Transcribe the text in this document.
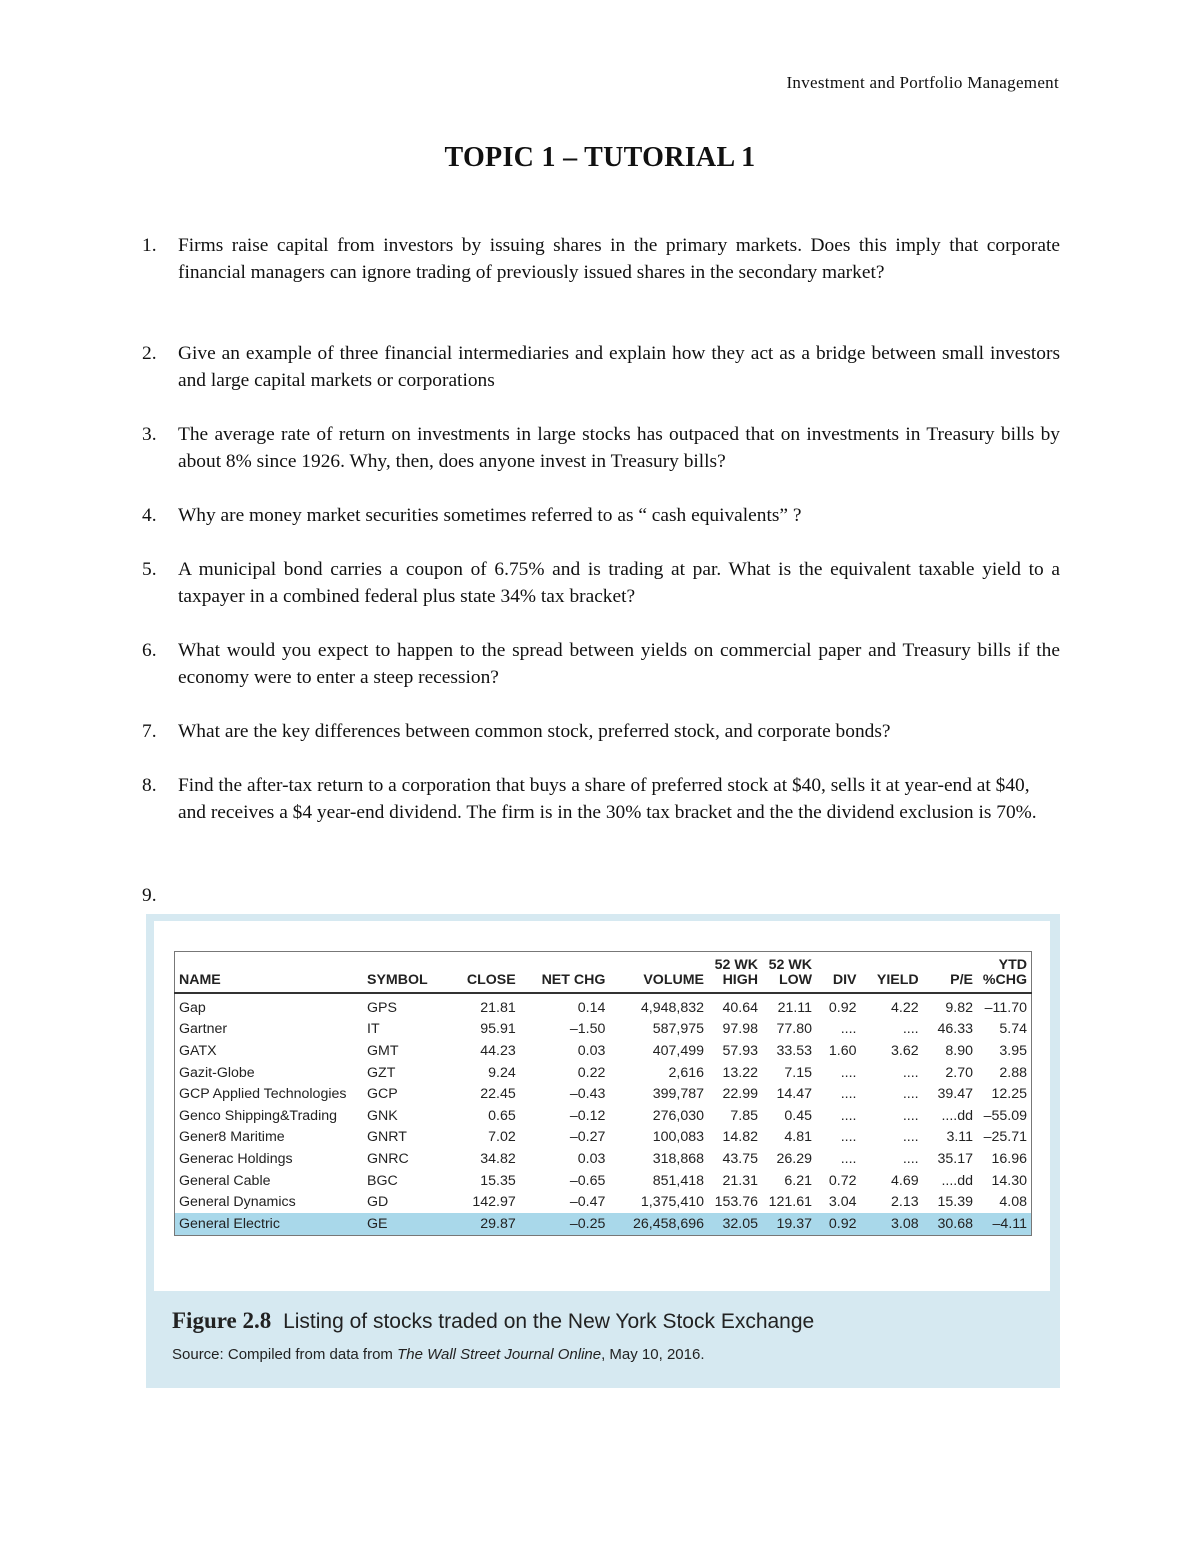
Investment and Portfolio Management
TOPIC 1 – TUTORIAL 1
1.	Firms raise capital from investors by issuing shares in the primary markets. Does this imply that corporate financial managers can ignore trading of previously issued shares in the secondary market?
2.	Give an example of three financial intermediaries and explain how they act as a bridge between small investors and large capital markets or corporations
3.	The average rate of return on investments in large stocks has outpaced that on investments in Treasury bills by about 8% since 1926. Why, then, does anyone invest in Treasury bills?
4.	Why are money market securities sometimes referred to as “ cash equivalents” ?
5.	A municipal bond carries a coupon of 6.75% and is trading at par. What is the equivalent taxable yield to a taxpayer in a combined federal plus state 34% tax bracket?
6.	What would you expect to happen to the spread between yields on commercial paper and Treasury bills if the economy were to enter a steep recession?
7.	What are the key differences between common stock, preferred stock, and corporate bonds?
8.	Find the after-tax return to a corporation that buys a share of preferred stock at $40, sells it at year-end at $40, and receives a $4 year-end dividend. The firm is in the 30% tax bracket and the the dividend exclusion is 70%.
9.
NAME	SYMBOL	CLOSE	NET CHG	VOLUME	52 WK HIGH	52 WK LOW	DIV	YIELD	P/E	YTD %CHG
Gap	GPS	21.81	0.14	4,948,832	40.64	21.11	0.92	4.22	9.82	–11.70
Gartner	IT	95.91	–1.50	587,975	97.98	77.80	....	....	46.33	5.74
GATX	GMT	44.23	0.03	407,499	57.93	33.53	1.60	3.62	8.90	3.95
Gazit-Globe	GZT	9.24	0.22	2,616	13.22	7.15	....	....	2.70	2.88
GCP Applied Technologies	GCP	22.45	–0.43	399,787	22.99	14.47	....	....	39.47	12.25
Genco Shipping&Trading	GNK	0.65	–0.12	276,030	7.85	0.45	....	....	....dd	–55.09
Gener8 Maritime	GNRT	7.02	–0.27	100,083	14.82	4.81	....	....	3.11	–25.71
Generac Holdings	GNRC	34.82	0.03	318,868	43.75	26.29	....	....	35.17	16.96
General Cable	BGC	15.35	–0.65	851,418	21.31	6.21	0.72	4.69	....dd	14.30
General Dynamics	GD	142.97	–0.47	1,375,410	153.76	121.61	3.04	2.13	15.39	4.08
General Electric	GE	29.87	–0.25	26,458,696	32.05	19.37	0.92	3.08	30.68	–4.11
Figure 2.8 Listing of stocks traded on the New York Stock Exchange
Source: Compiled from data from The Wall Street Journal Online, May 10, 2016.
